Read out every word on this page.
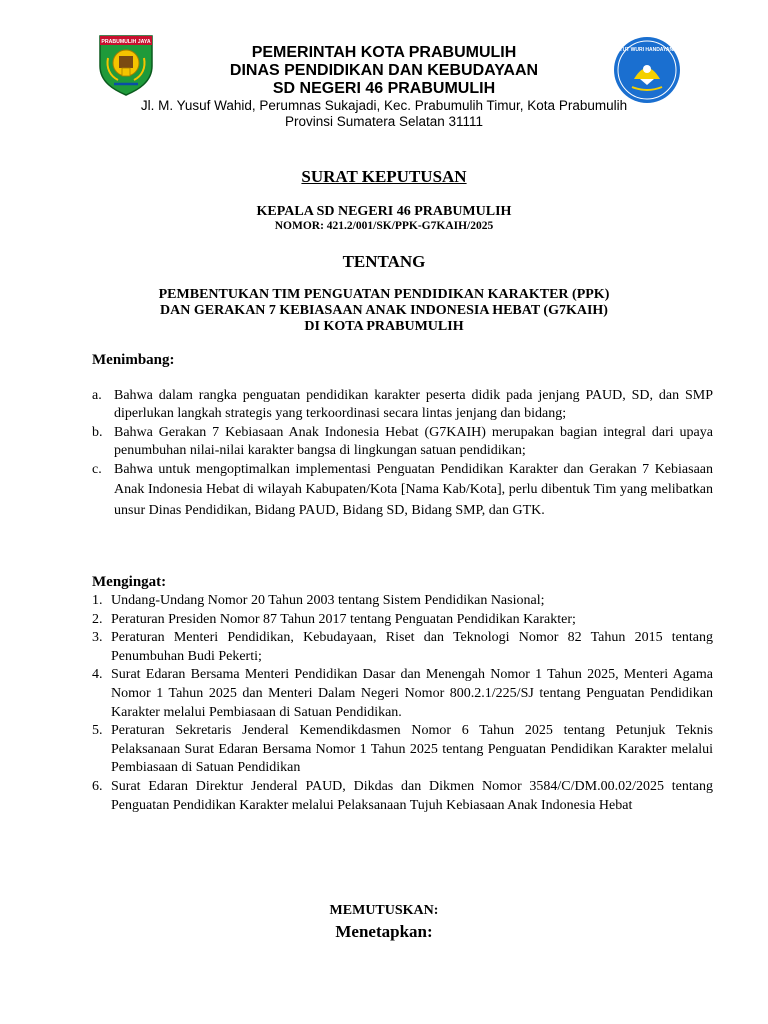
PRABUMULIH JAYA
TUT WURI HANDAYANI
PEMERINTAH KOTA PRABUMULIH
DINAS PENDIDIKAN DAN KEBUDAYAAN
SD NEGERI 46 PRABUMULIH
Jl. M. Yusuf Wahid, Perumnas Sukajadi, Kec. Prabumulih Timur, Kota Prabumulih
Provinsi Sumatera Selatan 31111
SURAT KEPUTUSAN
KEPALA SD NEGERI 46 PRABUMULIH
NOMOR: 421.2/001/SK/PPK-G7KAIH/2025
TENTANG
PEMBENTUKAN TIM PENGUATAN PENDIDIKAN KARAKTER (PPK)
DAN GERAKAN 7 KEBIASAAN ANAK INDONESIA HEBAT (G7KAIH)
DI KOTA PRABUMULIH
Menimbang:
a. Bahwa dalam rangka penguatan pendidikan karakter peserta didik pada jenjang PAUD, SD, dan SMP diperlukan langkah strategis yang terkoordinasi secara lintas jenjang dan bidang;
b. Bahwa Gerakan 7 Kebiasaan Anak Indonesia Hebat (G7KAIH) merupakan bagian integral dari upaya penumbuhan nilai-nilai karakter bangsa di lingkungan satuan pendidikan;
c. Bahwa untuk mengoptimalkan implementasi Penguatan Pendidikan Karakter dan Gerakan 7 Kebiasaan Anak Indonesia Hebat di wilayah Kabupaten/Kota [Nama Kab/Kota], perlu dibentuk Tim yang melibatkan unsur Dinas Pendidikan, Bidang PAUD, Bidang SD, Bidang SMP, dan GTK.
Mengingat:
1. Undang-Undang Nomor 20 Tahun 2003 tentang Sistem Pendidikan Nasional;
2. Peraturan Presiden Nomor 87 Tahun 2017 tentang Penguatan Pendidikan Karakter;
3. Peraturan Menteri Pendidikan, Kebudayaan, Riset dan Teknologi Nomor 82 Tahun 2015 tentang Penumbuhan Budi Pekerti;
4. Surat Edaran Bersama Menteri Pendidikan Dasar dan Menengah Nomor 1 Tahun 2025, Menteri Agama Nomor 1 Tahun 2025 dan Menteri Dalam Negeri Nomor 800.2.1/225/SJ tentang Penguatan Pendidikan Karakter melalui Pembiasaan di Satuan Pendidikan.
5. Peraturan Sekretaris Jenderal Kemendikdasmen Nomor 6 Tahun 2025 tentang Petunjuk Teknis Pelaksanaan Surat Edaran Bersama Nomor 1 Tahun 2025 tentang Penguatan Pendidikan Karakter melalui Pembiasaan di Satuan Pendidikan
6. Surat Edaran Direktur Jenderal PAUD, Dikdas dan Dikmen Nomor 3584/C/DM.00.02/2025 tentang Penguatan Pendidikan Karakter melalui Pelaksanaan Tujuh Kebiasaan Anak Indonesia Hebat
MEMUTUSKAN:
Menetapkan:
